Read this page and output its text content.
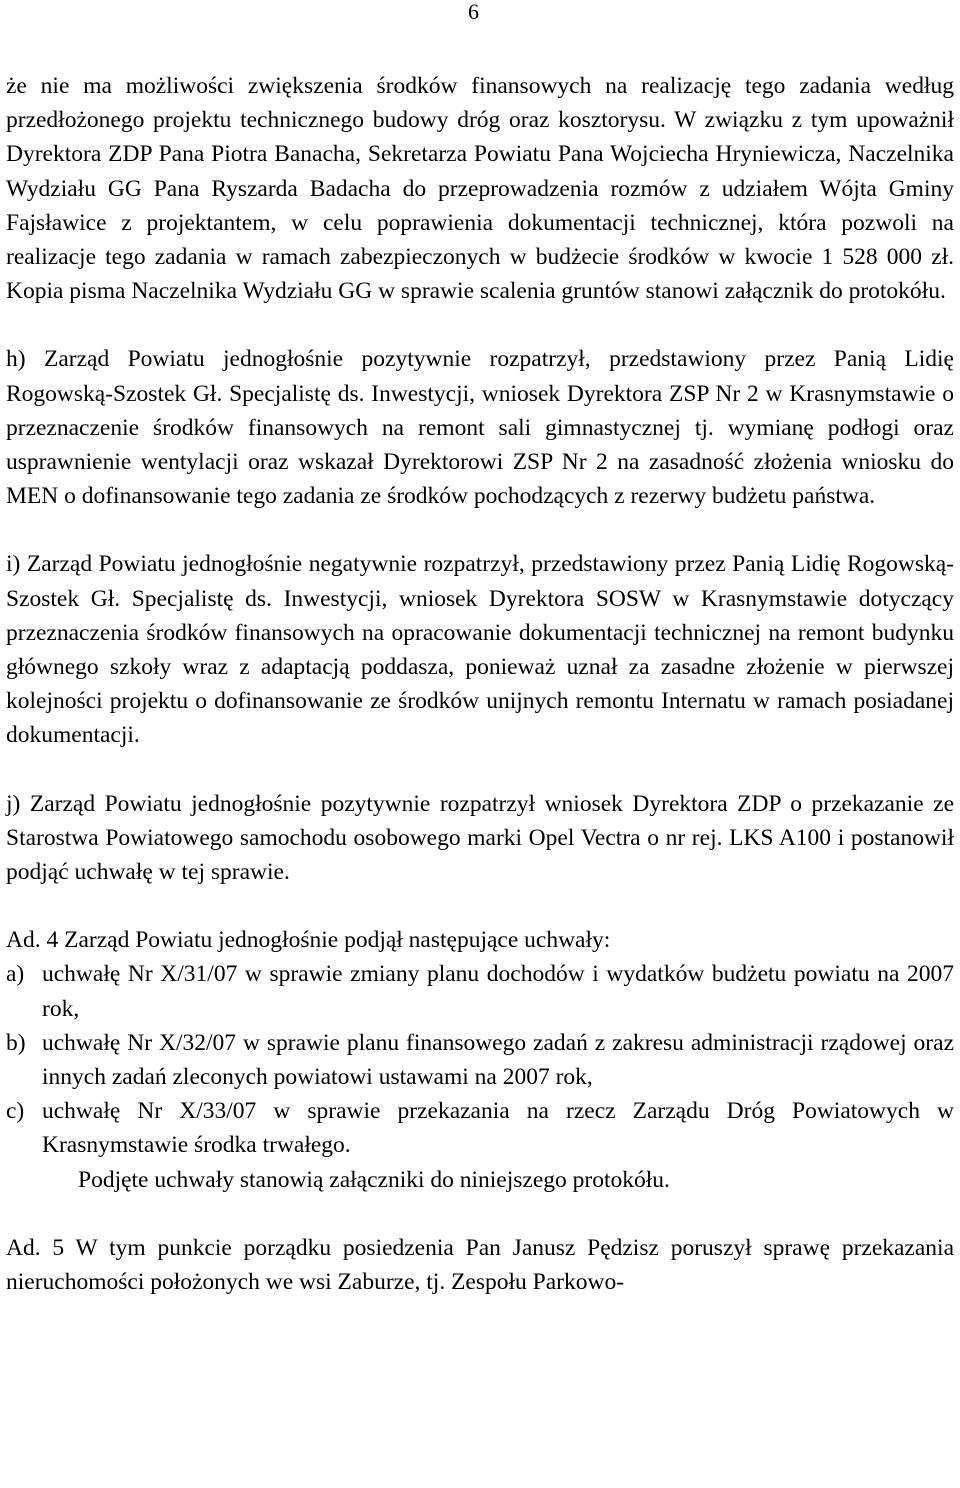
6

że nie ma możliwości zwiększenia środków finansowych na realizację tego zadania według przedłożonego projektu technicznego budowy dróg oraz kosztorysu. W związku z tym upoważnił Dyrektora ZDP Pana Piotra Banacha, Sekretarza Powiatu Pana Wojciecha Hryniewicza, Naczelnika Wydziału GG Pana Ryszarda Badacha do przeprowadzenia rozmów z udziałem Wójta Gminy Fajsławice z projektantem, w celu poprawienia dokumentacji technicznej, która pozwoli na realizacje tego zadania w ramach zabezpieczonych w budżecie środków w kwocie 1 528 000 zł. Kopia pisma Naczelnika Wydziału GG w sprawie scalenia gruntów stanowi załącznik do protokółu.

h) Zarząd Powiatu jednogłośnie pozytywnie rozpatrzył, przedstawiony przez Panią Lidię Rogowską-Szostek Gł. Specjalistę ds. Inwestycji, wniosek Dyrektora ZSP Nr 2 w Krasnymstawie o przeznaczenie środków finansowych na remont sali gimnastycznej tj. wymianę podłogi oraz usprawnienie wentylacji oraz wskazał Dyrektorowi ZSP Nr 2 na zasadność złożenia wniosku do MEN o dofinansowanie tego zadania ze środków pochodzących z rezerwy budżetu państwa.

i) Zarząd Powiatu jednogłośnie negatywnie rozpatrzył, przedstawiony przez Panią Lidię Rogowską-Szostek Gł. Specjalistę ds. Inwestycji, wniosek Dyrektora SOSW w Krasnymstawie dotyczący przeznaczenia środków finansowych na opracowanie dokumentacji technicznej na remont budynku głównego szkoły wraz z adaptacją poddasza, ponieważ uznał za zasadne złożenie w pierwszej kolejności projektu o dofinansowanie ze środków unijnych remontu Internatu w ramach posiadanej dokumentacji.

j) Zarząd Powiatu jednogłośnie pozytywnie rozpatrzył wniosek Dyrektora ZDP o przekazanie ze Starostwa Powiatowego samochodu osobowego marki Opel Vectra o nr rej. LKS A100 i postanowił podjąć uchwałę w tej sprawie.

Ad. 4 Zarząd Powiatu jednogłośnie podjął następujące uchwały:

a) uchwałę Nr X/31/07 w sprawie zmiany planu dochodów i wydatków budżetu powiatu na 2007 rok,
b) uchwałę Nr X/32/07 w sprawie planu finansowego zadań z zakresu administracji rządowej oraz innych zadań zleconych powiatowi ustawami na 2007 rok,
c) uchwałę Nr X/33/07 w sprawie przekazania na rzecz Zarządu Dróg Powiatowych w Krasnymstawie środka trwałego.

Podjęte uchwały stanowią załączniki do niniejszego protokółu.

Ad. 5 W tym punkcie porządku posiedzenia Pan Janusz Pędzisz poruszył sprawę przekazania nieruchomości położonych we wsi Zaburze, tj. Zespołu Parkowo-
